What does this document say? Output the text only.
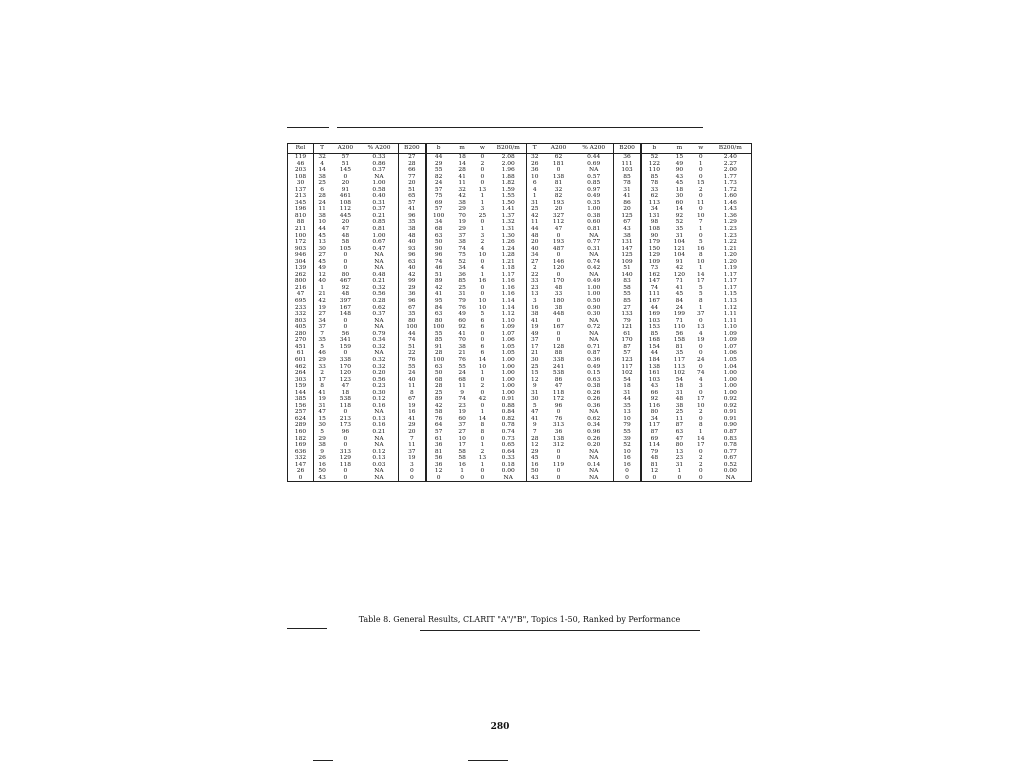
Rel	T	A200	% A200	B200	b	m	w	B200/m	T	A200	% A200	B200	b	m	w	B200/m
119	32	57	0.33	27	44	18	0	2.08	32	62	0.44	36	52	15	0	2.40
46	4	51	0.86	28	29	14	2	2.00	26	181	0.69	111	122	49	1	2.27
203	14	145	0.37	66	55	28	0	1.96	36	0	NA	103	110	90	0	2.00
108	38	0	NA	77	82	41	0	1.88	10	138	0.57	85	85	43	0	1.77
30	25	20	1.00	20	24	11	0	1.82	6	81	0.85	78	78	45	15	1.73
137	6	91	0.58	51	57	32	13	1.59	4	32	0.97	31	33	18	2	1.72
213	28	461	0.40	65	75	42	1	1.55	1	82	0.49	41	62	30	0	1.60
345	24	108	0.31	57	69	38	1	1.50	31	193	0.35	86	113	60	11	1.46
196	11	112	0.37	41	57	29	3	1.41	25	20	1.00	20	34	14	0	1.43
810	38	445	0.21	96	100	70	25	1.37	42	327	0.38	125	131	92	10	1.36
88	10	20	0.85	35	34	19	0	1.32	11	112	0.60	67	98	52	7	1.29
211	44	47	0.81	38	68	29	1	1.31	44	47	0.81	43	108	35	1	1.23
100	45	48	1.00	48	63	37	3	1.30	48	0	NA	38	90	31	0	1.23
172	13	58	0.67	40	50	38	2	1.26	20	193	0.77	131	179	104	5	1.22
903	30	105	0.47	93	90	74	4	1.24	40	487	0.31	147	150	121	16	1.21
946	27	0	NA	96	96	75	10	1.28	34	0	NA	125	129	104	8	1.20
304	45	0	NA	63	74	52	0	1.21	27	146	0.74	109	109	91	10	1.20
139	49	0	NA	40	46	34	4	1.18	2	120	0.42	51	73	42	1	1.19
262	12	80	0.48	42	51	36	1	1.17	22	0	NA	140	162	120	14	1.17
800	40	467	0.21	99	89	85	16	1.16	33	170	0.49	83	147	71	17	1.17
216	1	92	0.32	29	42	25	0	1.16	23	48	1.00	58	74	41	5	1.17
47	21	48	0.56	36	41	31	0	1.16	13	33	1.00	55	111	45	5	1.15
695	42	397	0.28	96	95	79	10	1.14	3	180	0.50	85	167	84	8	1.13
233	19	167	0.62	67	84	76	10	1.14	16	38	0.90	27	44	24	1	1.12
332	27	148	0.37	35	63	49	5	1.12	38	448	0.30	133	169	199	37	1.11
803	34	0	NA	80	80	60	6	1.10	41	0	NA	79	103	71	0	1.11
405	37	0	NA	100	100	92	6	1.09	19	167	0.72	121	153	110	13	1.10
280	7	56	0.79	44	55	41	0	1.07	49	0	NA	61	85	56	4	1.09
270	35	341	0.34	74	85	70	0	1.06	37	0	NA	170	168	158	19	1.09
451	5	159	0.32	51	91	38	6	1.05	17	128	0.71	87	154	81	0	1.07
61	46	0	NA	22	28	21	6	1.05	21	88	0.87	57	44	35	0	1.06
601	29	338	0.32	76	100	76	14	1.00	30	338	0.36	123	184	117	24	1.05
462	33	170	0.32	55	63	55	10	1.00	25	241	0.49	117	138	113	0	1.04
264	2	120	0.20	24	50	24	1	1.00	15	538	0.15	102	161	102	74	1.00
303	17	123	0.56	40	68	68	0	1.00	12	86	0.63	54	103	54	4	1.00
159	8	47	0.23	11	28	11	2	1.00	9	47	0.38	18	43	18	3	1.00
144	41	18	0.30	8	25	9	0	1.00	31	118	0.26	31	66	31	0	1.00
385	19	538	0.12	67	89	74	42	0.91	30	172	0.26	44	92	48	17	0.92
156	31	118	0.16	19	42	23	0	0.88	5	96	0.36	35	116	38	10	0.92
257	47	0	NA	16	58	19	1	0.84	47	0	NA	13	80	25	2	0.91
624	15	213	0.13	41	76	60	14	0.82	41	76	0.62	10	34	11	0	0.91
289	30	173	0.16	29	64	37	8	0.78	9	313	0.34	79	117	87	8	0.90
160	5	96	0.21	20	57	27	8	0.74	7	36	0.96	55	87	63	1	0.87
182	29	0	NA	7	61	10	0	0.73	28	138	0.26	39	69	47	14	0.83
169	38	0	NA	11	36	17	1	0.65	12	312	0.20	52	114	80	17	0.78
636	9	313	0.12	37	81	58	2	0.64	29	0	NA	10	79	13	0	0.77
332	26	129	0.13	19	56	58	13	0.33	45	0	NA	16	48	23	2	0.67
147	16	118	0.03	3	36	16	1	0.18	16	119	0.14	16	81	31	2	0.52
26	50	0	NA	0	12	1	0	0.00	50	0	NA	0	12	1	0	0.00
0	43	0	NA	0	0	0	0	NA	43	0	NA	0	0	0	0	NA
Table 8. General Results, CLARIT "A"/"B", Topics 1-50, Ranked by Performance
280
